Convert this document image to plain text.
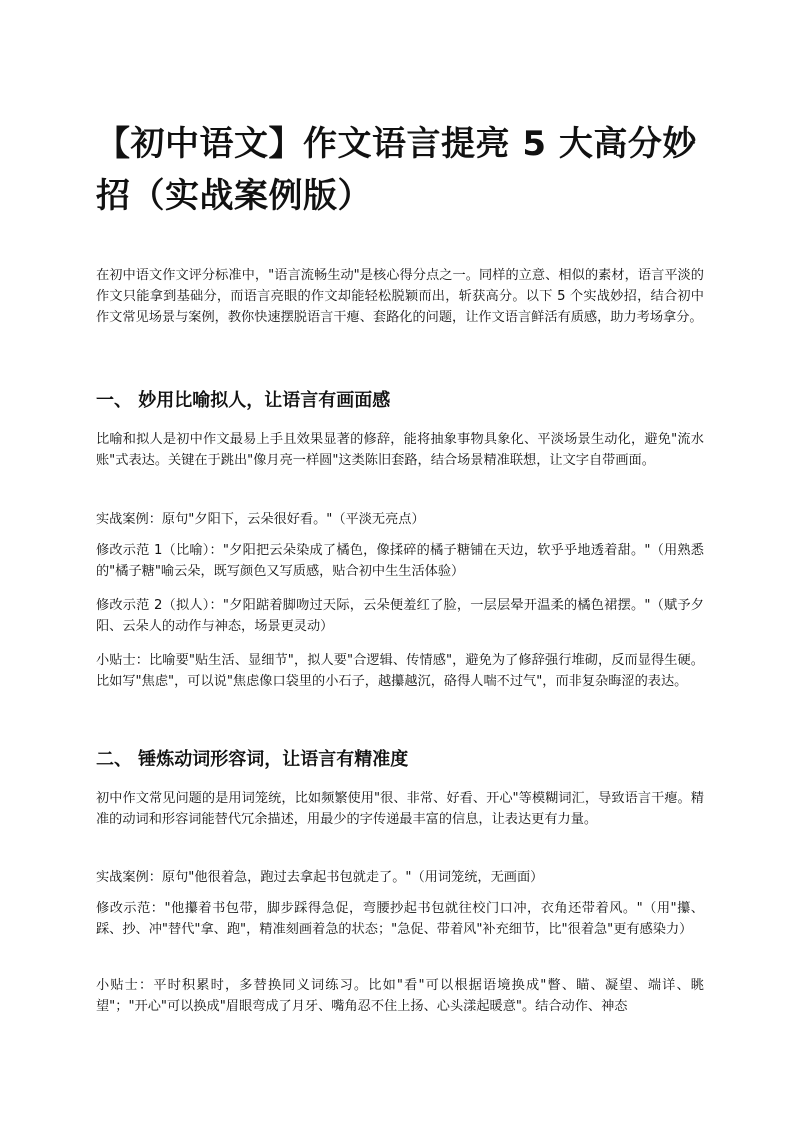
【初中语文】作文语言提亮 5 大高分妙招（实战案例版）

在初中语文作文评分标准中，"语言流畅生动"是核心得分点之一。同样的立意、相似的素材，语言平淡的作文只能拿到基础分，而语言亮眼的作文却能轻松脱颖而出，斩获高分。以下 5 个实战妙招，结合初中作文常见场景与案例，教你快速摆脱语言干瘪、套路化的问题，让作文语言鲜活有质感，助力考场拿分。

一、 妙用比喻拟人，让语言有画面感

比喻和拟人是初中作文最易上手且效果显著的修辞，能将抽象事物具象化、平淡场景生动化，避免"流水账"式表达。关键在于跳出"像月亮一样圆"这类陈旧套路，结合场景精准联想，让文字自带画面。

实战案例：原句"夕阳下，云朵很好看。"（平淡无亮点）

修改示范 1（比喻）："夕阳把云朵染成了橘色，像揉碎的橘子糖铺在天边，软乎乎地透着甜。"（用熟悉的"橘子糖"喻云朵，既写颜色又写质感，贴合初中生生活体验）

修改示范 2（拟人）："夕阳踮着脚吻过天际，云朵便羞红了脸，一层层晕开温柔的橘色裙摆。"（赋予夕阳、云朵人的动作与神态，场景更灵动）

小贴士：比喻要"贴生活、显细节"，拟人要"合逻辑、传情感"，避免为了修辞强行堆砌，反而显得生硬。比如写"焦虑"，可以说"焦虑像口袋里的小石子，越攥越沉，硌得人喘不过气"，而非复杂晦涩的表达。

二、 锤炼动词形容词，让语言有精准度

初中作文常见问题的是用词笼统，比如频繁使用"很、非常、好看、开心"等模糊词汇，导致语言干瘪。精准的动词和形容词能替代冗余描述，用最少的字传递最丰富的信息，让表达更有力量。

实战案例：原句"他很着急，跑过去拿起书包就走了。"（用词笼统，无画面）

修改示范："他攥着书包带，脚步踩得急促，弯腰抄起书包就往校门口冲，衣角还带着风。"（用"攥、踩、抄、冲"替代"拿、跑"，精准刻画着急的状态；"急促、带着风"补充细节，比"很着急"更有感染力）

小贴士：平时积累时，多替换同义词练习。比如"看"可以根据语境换成"瞥、瞄、凝望、端详、眺望"；"开心"可以换成"眉眼弯成了月牙、嘴角忍不住上扬、心头漾起暖意"。结合动作、神态
